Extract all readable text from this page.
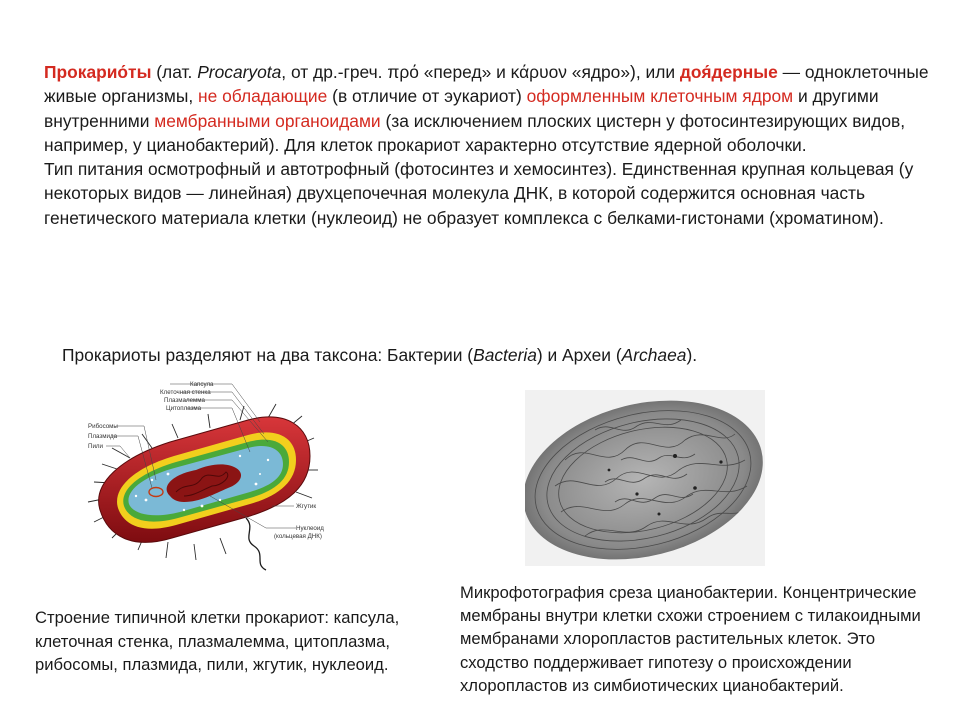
Прокарио́ты (лат. Procaryota, от др.-греч. πρό «перед» и κάρυον «ядро»), или доя́дерные — одноклеточные живые организмы, не обладающие (в отличие от эукариот) оформленным клеточным ядром и другими внутренними мембранными органоидами (за исключением плоских цистерн у фотосинтезирующих видов, например, у цианобактерий). Для клеток прокариот характерно отсутствие ядерной оболочки.

Тип питания осмотрофный и автотрофный (фотосинтез и хемосинтез). Единственная крупная кольцевая (у некоторых видов — линейная) двухцепочечная молекула ДНК, в которой содержится основная часть генетического материала клетки (нуклеоид) не образует комплекса с белками-гистонами (хроматином).

Прокариоты разделяют на два таксона: Бактерии (Bacteria) и Археи (Archaea).
Капсула
Клеточная стенка
Плазмалемма
Цитоплазма
Рибосомы
Плазмида
Пили
Жгутик
Нуклеоид
(кольцевая ДНК)
Строение типичной клетки прокариот: капсула, клеточная стенка, плазмалемма, цитоплазма, рибосомы, плазмида, пили, жгутик, нуклеоид.
Микрофотография среза цианобактерии. Концентрические мембраны внутри клетки схожи строением с тилакоидными мембранами хлоропластов растительных клеток. Это сходство поддерживает гипотезу о происхождении хлоропластов из симбиотических цианобактерий.
